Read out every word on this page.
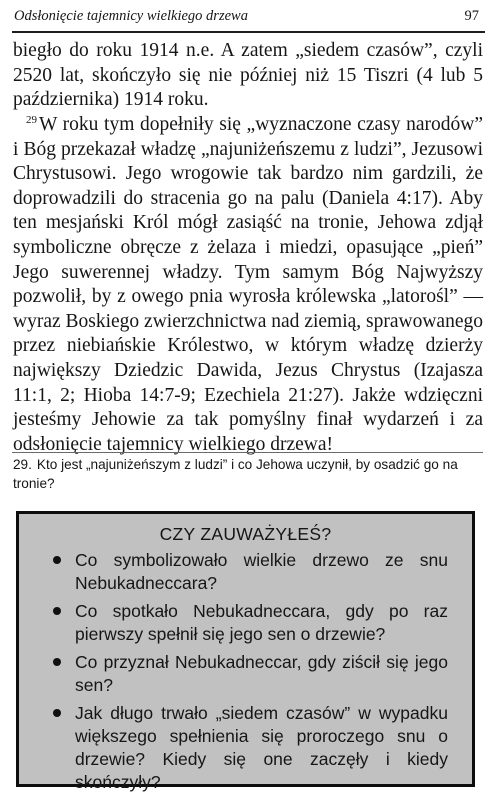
Odsłonięcie tajemnicy wielkiego drzewa	97

biegło do roku 1914 n.e. A zatem „siedem czasów”, czyli 2520 lat, skończyło się nie później niż 15 Tiszri (4 lub 5 października) 1914 roku.

$^{29}$ W roku tym dopełniły się „wyznaczone czasy narodów” i Bóg przekazał władzę „najuniżeńszemu z ludzi”, Jezusowi Chrystusowi. Jego wrogowie tak bardzo nim gardzili, że doprowadzili do stracenia go na palu (Daniela 4:17). Aby ten mesjański Król mógł zasiąść na tronie, Jehowa zdjął symboliczne obręcze z żelaza i miedzi, opasujące „pień” Jego suwerennej władzy. Tym samym Bóg Najwyższy pozwolił, by z owego pnia wyrosła królewska „latorośl” — wyraz Boskiego zwierzchnictwa nad ziemią, sprawowanego przez niebiańskie Królestwo, w którym władzę dzierży największy Dziedzic Dawida, Jezus Chrystus (Izajasza 11:1, 2; Hioba 14:7-9; Ezechiela 21:27). Jakże wdzięczni jesteśmy Jehowie za tak pomyślny finał wydarzeń i za odsłonięcie tajemnicy wielkiego drzewa!

29. Kto jest „najuniżeńszym z ludzi” i co Jehowa uczynił, by osadzić go na tronie?
CZY ZAUWAŻYŁEŚ?
Co symbolizowało wielkie drzewo ze snu Nebukadneccara?
Co spotkało Nebukadneccara, gdy po raz pierwszy spełnił się jego sen o drzewie?
Co przyznał Nebukadneccar, gdy ziścił się jego sen?
Jak długo trwało „siedem czasów” w wypadku większego spełnienia się proroczego snu o drzewie? Kiedy się one zaczęły i kiedy skończyły?
